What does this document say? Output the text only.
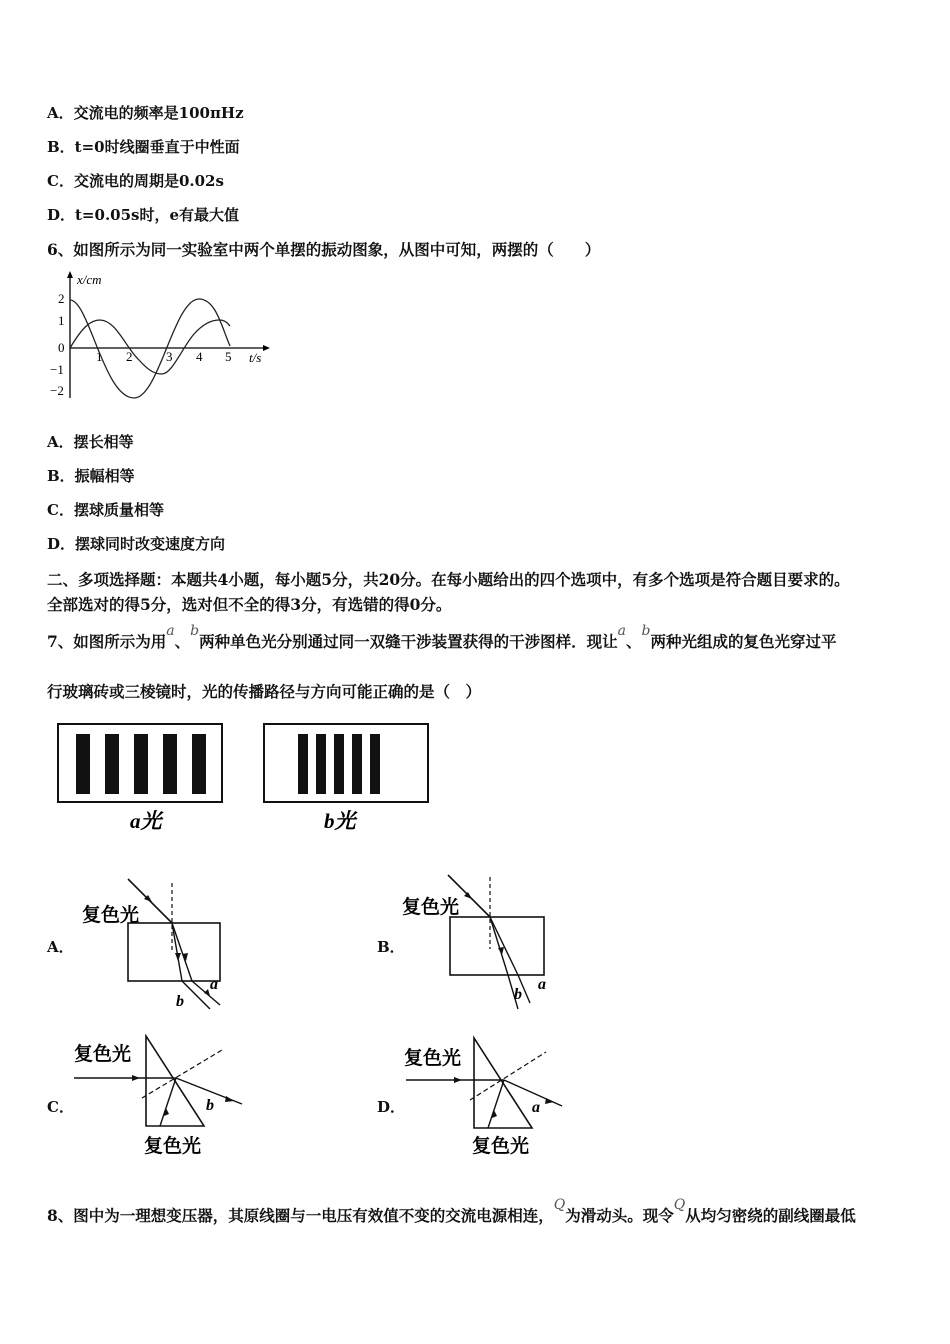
A．交流电的频率是100πHz
B．t=0时线圈垂直于中性面
C．交流电的周期是0.02s
D．t=0.05s时，e有最大值
6、如图所示为同一实验室中两个单摆的振动图象，从图中可知，两摆的（　　）
x/cm
t/s
2
1
0
−1
−2
1 2	3 4 5
A．摆长相等
B．振幅相等
C．摆球质量相等
D．摆球同时改变速度方向
二、多项选择题：本题共4小题，每小题5分，共20分。在每小题给出的四个选项中，有多个选项是符合题目要求的。
全部选对的得5分，选对但不全的得3分，有选错的得0分。
7、如图所示为用a、b两种单色光分别通过同一双缝干涉装置获得的干涉图样．现让a、b两种光组成的复色光穿过平
行玻璃砖或三棱镜时，光的传播路径与方向可能正确的是（　）
a光	b光
A．
复色光
b
a
B．
复色光
b
a
C．
复色光
b
复色光
D．
复色光
a
复色光
8、图中为一理想变压器，其原线圈与一电压有效值不变的交流电源相连，Q为滑动头。现令Q从均匀密绕的副线圈最低
